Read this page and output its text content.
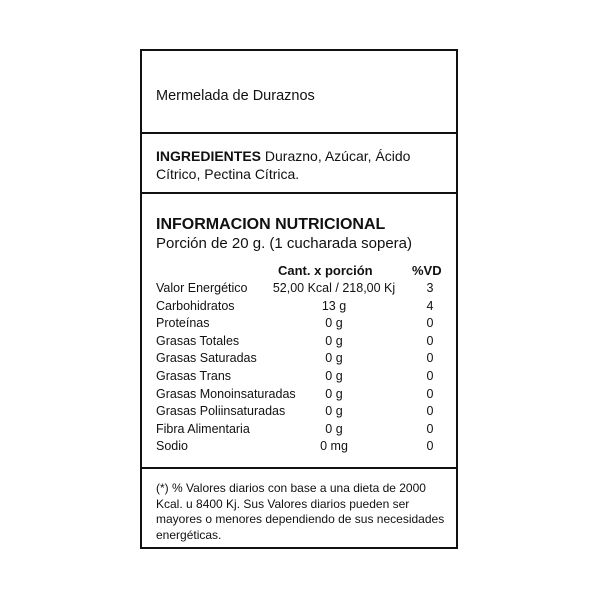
Mermelada de Duraznos
INGREDIENTES Durazno, Azúcar, Ácido Cítrico, Pectina Cítrica.
INFORMACION NUTRICIONAL
Porción de 20 g. (1 cucharada sopera)
Cant. x porción	%VD
Valor Energético 52,00 Kcal / 218,00 Kj	3
Carbohidratos	13 g	4
Proteínas	0 g	0
Grasas Totales	0 g	0
Grasas Saturadas	0 g	0
Grasas Trans	0 g	0
Grasas Monoinsaturadas 0 g	0
Grasas Poliinsaturadas	0 g	0
Fibra Alimentaria	0 g	0
Sodio	0 mg	0
(*) % Valores diarios con base a una dieta de 2000 Kcal. u 8400 Kj. Sus Valores diarios pueden ser mayores o menores dependiendo de sus necesidades energéticas.
